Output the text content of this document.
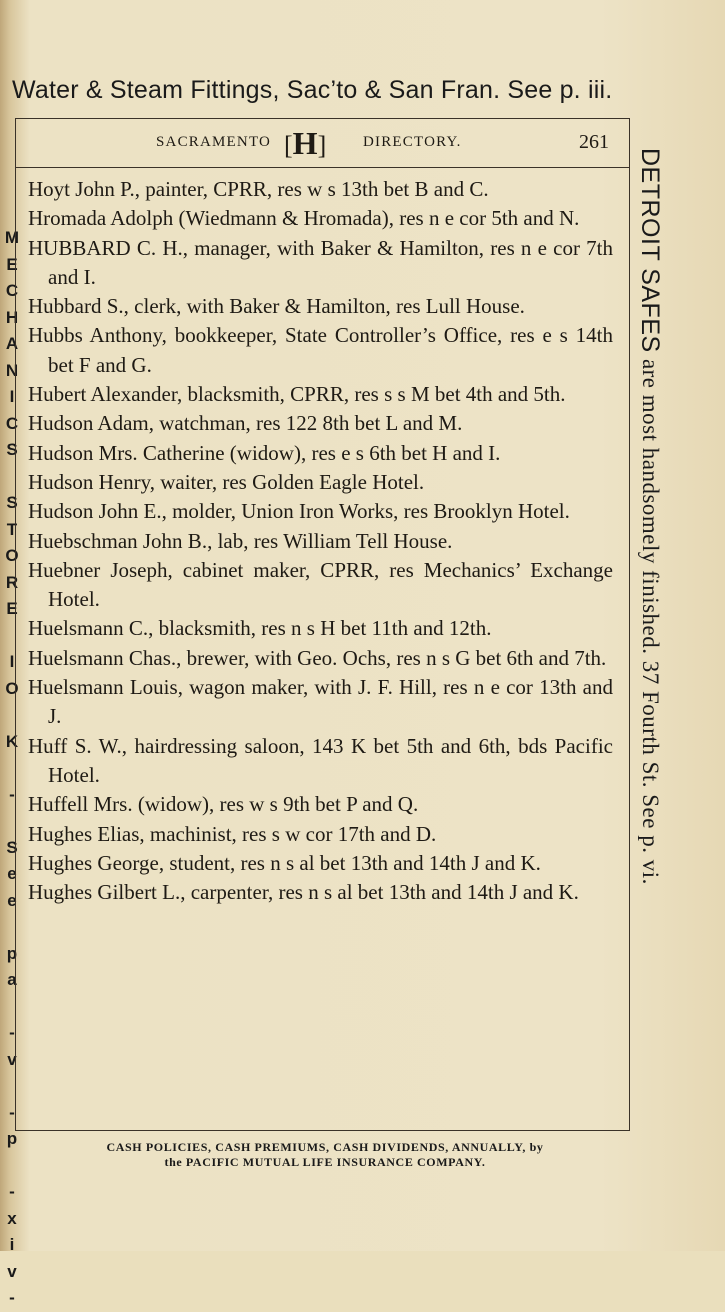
Water & Steam Fittings, Sac’to & San Fran. See p. iii.
M
E
C
H
A
N
I
C
S

S
T
O
R
E

I
O

K

-

S
e
e

p
a

-
v

-
p

-
x
i
v
-
SACRAMENTO [H] DIRECTORY.	261
Hoyt John P., painter, CPRR, res w s 13th bet B and C.
Hromada Adolph (Wiedmann & Hromada), res n e cor 5th and N.
HUBBARD C. H., manager, with Baker & Hamilton, res n e cor 7th and I.
Hubbard S., clerk, with Baker & Hamilton, res Lull House.
Hubbs Anthony, bookkeeper, State Controller’s Office, res e s 14th bet F and G.
Hubert Alexander, blacksmith, CPRR, res s s M bet 4th and 5th.
Hudson Adam, watchman, res 122 8th bet L and M.
Hudson Mrs. Catherine (widow), res e s 6th bet H and I.
Hudson Henry, waiter, res Golden Eagle Hotel.
Hudson John E., molder, Union Iron Works, res Brooklyn Hotel.
Huebschman John B., lab, res William Tell House.
Huebner Joseph, cabinet maker, CPRR, res Mechanics’ Exchange Hotel.
Huelsmann C., blacksmith, res n s H bet 11th and 12th.
Huelsmann Chas., brewer, with Geo. Ochs, res n s G bet 6th and 7th.
Huelsmann Louis, wagon maker, with J. F. Hill, res n e cor 13th and J.
Huff S. W., hairdressing saloon, 143 K bet 5th and 6th, bds Pacific Hotel.
Huffell Mrs. (widow), res w s 9th bet P and Q.
Hughes Elias, machinist, res s w cor 17th and D.
Hughes George, student, res n s al bet 13th and 14th J and K.
Hughes Gilbert L., carpenter, res n s al bet 13th and 14th J and K.
DETROIT SAFES are most handsomely finished. 37 Fourth St. See p. vi.
CASH POLICIES, CASH PREMIUMS, CASH DIVIDENDS, ANNUALLY, by
the PACIFIC MUTUAL LIFE INSURANCE COMPANY.
